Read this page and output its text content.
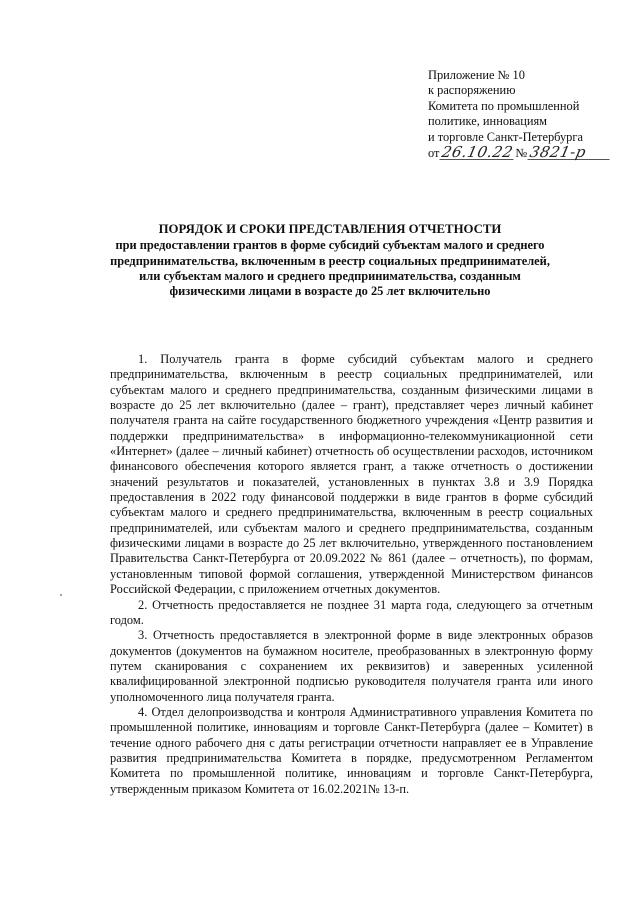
Приложение № 10
к распоряжению
Комитета по промышленной
политике, инновациям
и торговле Санкт-Петербурга
от 26.10.22 № 3821-р
ПОРЯДОК И СРОКИ ПРЕДСТАВЛЕНИЯ ОТЧЕТНОСТИ
при предоставлении грантов в форме субсидий субъектам малого и среднего предпринимательства, включенным в реестр социальных предпринимателей, или субъектам малого и среднего предпринимательства, созданным физическими лицами в возрасте до 25 лет включительно

1. Получатель гранта в форме субсидий субъектам малого и среднего предпринимательства, включенным в реестр социальных предпринимателей, или субъектам малого и среднего предпринимательства, созданным физическими лицами в возрасте до 25 лет включительно (далее – грант), представляет через личный кабинет получателя гранта на сайте государственного бюджетного учреждения «Центр развития и поддержки предпринимательства» в информационно-телекоммуникационной сети «Интернет» (далее – личный кабинет) отчетность об осуществлении расходов, источником финансового обеспечения которого является грант, а также отчетность о достижении значений результатов и показателей, установленных в пунктах 3.8 и 3.9 Порядка предоставления в 2022 году финансовой поддержки в виде грантов в форме субсидий субъектам малого и среднего предпринимательства, включенным в реестр социальных предпринимателей, или субъектам малого и среднего предпринимательства, созданным физическими лицами в возрасте до 25 лет включительно, утвержденного постановлением Правительства Санкт-Петербурга от 20.09.2022 № 861 (далее – отчетность), по формам, установленным типовой формой соглашения, утвержденной Министерством финансов Российской Федерации, с приложением отчетных документов.

2. Отчетность предоставляется не позднее 31 марта года, следующего за отчетным годом.

3. Отчетность предоставляется в электронной форме в виде электронных образов документов (документов на бумажном носителе, преобразованных в электронную форму путем сканирования с сохранением их реквизитов) и заверенных усиленной квалифицированной электронной подписью руководителя получателя гранта или иного уполномоченного лица получателя гранта.

4. Отдел делопроизводства и контроля Административного управления Комитета по промышленной политике, инновациям и торговле Санкт-Петербурга (далее – Комитет) в течение одного рабочего дня с даты регистрации отчетности направляет ее в Управление развития предпринимательства Комитета в порядке, предусмотренном Регламентом Комитета по промышленной политике, инновациям и торговле Санкт-Петербурга, утвержденным приказом Комитета от 16.02.2021№ 13-п.
